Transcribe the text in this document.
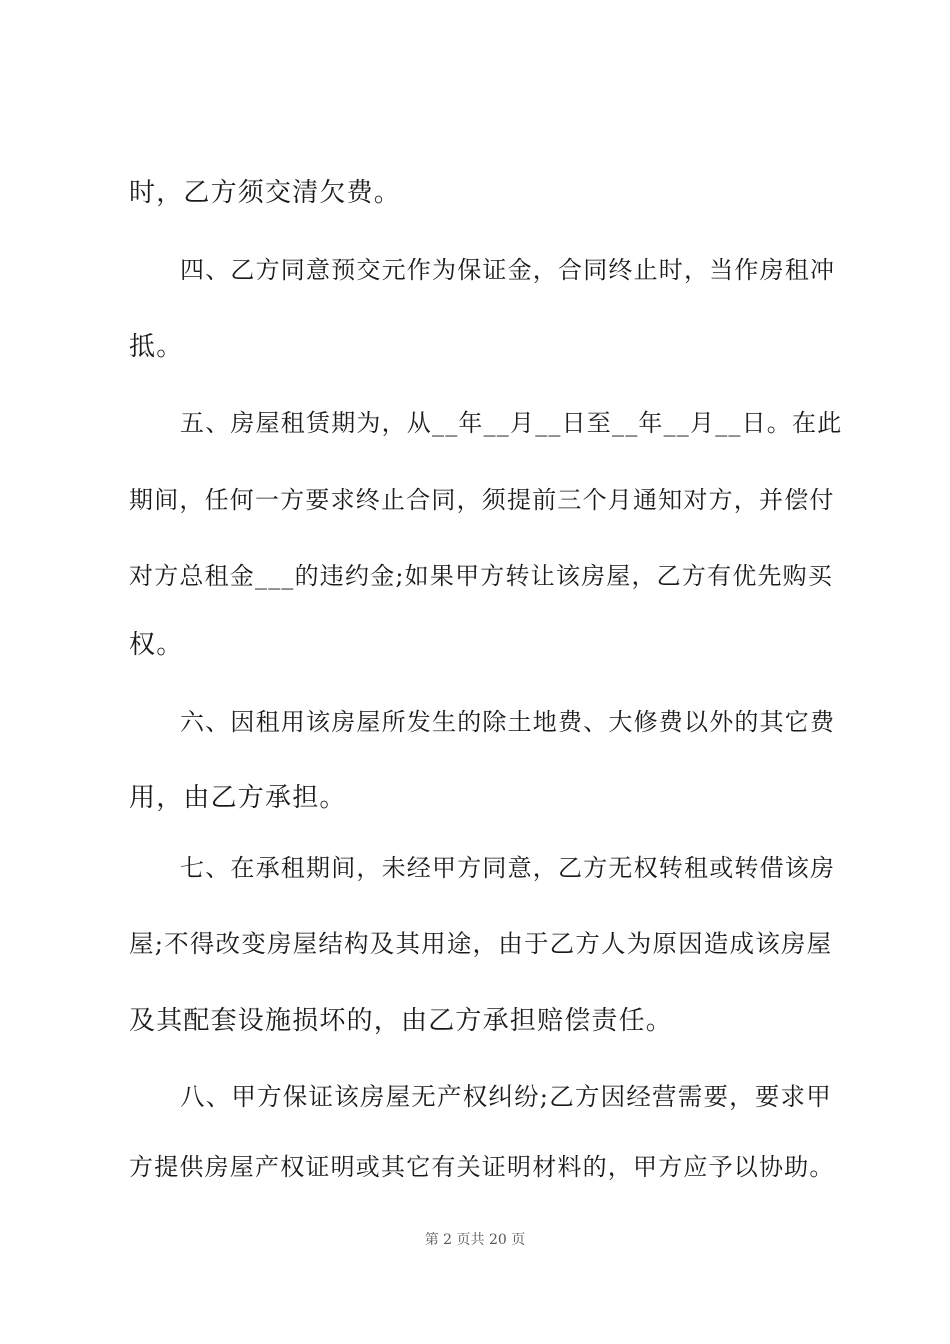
时，乙方须交清欠费。
四、乙方同意预交元作为保证金，合同终止时，当作房租冲
抵。
五、房屋租赁期为，从__年__月__日至__年__月__日。在此
期间，任何一方要求终止合同，须提前三个月通知对方，并偿付
对方总租金___的违约金;如果甲方转让该房屋，乙方有优先购买
权。
六、因租用该房屋所发生的除土地费、大修费以外的其它费
用，由乙方承担。
七、在承租期间，未经甲方同意，乙方无权转租或转借该房
屋;不得改变房屋结构及其用途，由于乙方人为原因造成该房屋
及其配套设施损坏的，由乙方承担赔偿责任。
八、甲方保证该房屋无产权纠纷;乙方因经营需要，要求甲
方提供房屋产权证明或其它有关证明材料的，甲方应予以协助。
第 2 页共 20 页
